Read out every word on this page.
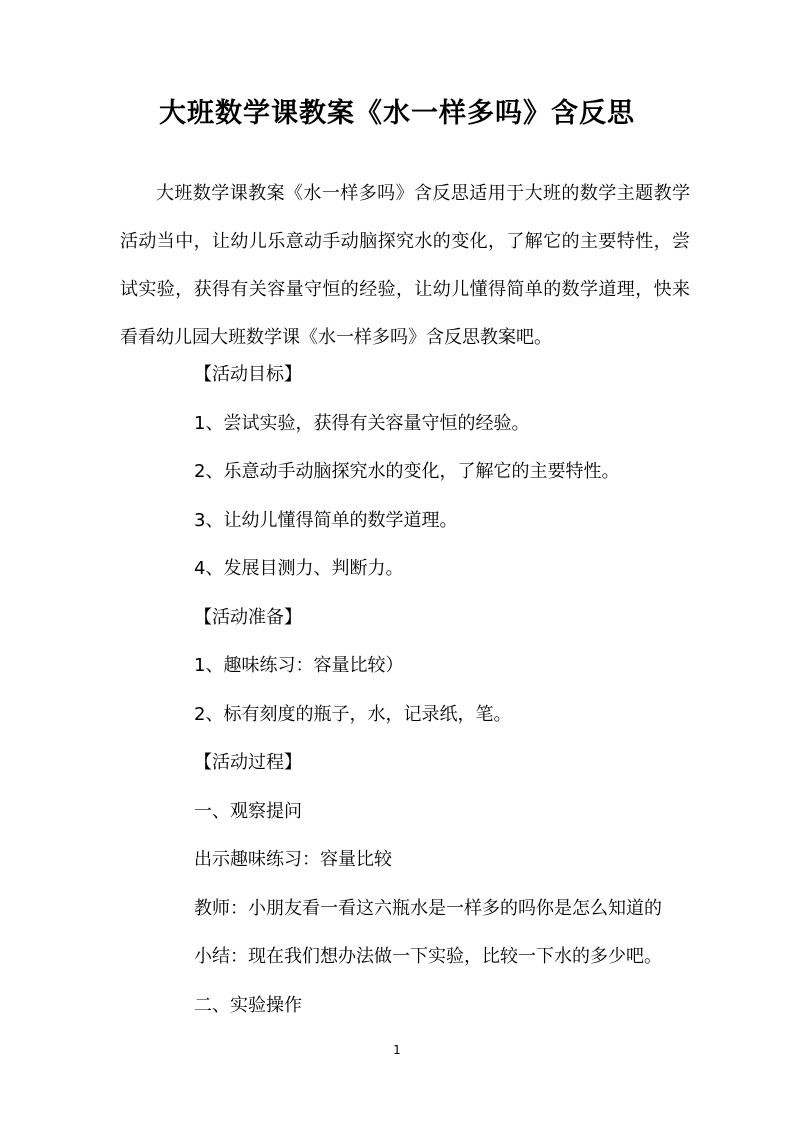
大班数学课教案《水一样多吗》含反思
大班数学课教案《水一样多吗》含反思适用于大班的数学主题教学活动当中，让幼儿乐意动手动脑探究水的变化，了解它的主要特性，尝试实验，获得有关容量守恒的经验，让幼儿懂得简单的数学道理，快来看看幼儿园大班数学课《水一样多吗》含反思教案吧。
【活动目标】
1、尝试实验，获得有关容量守恒的经验。
2、乐意动手动脑探究水的变化，了解它的主要特性。
3、让幼儿懂得简单的数学道理。
4、发展目测力、判断力。
【活动准备】
1、趣味练习：容量比较）
2、标有刻度的瓶子，水，记录纸，笔。
【活动过程】
一、观察提问
出示趣味练习：容量比较
教师：小朋友看一看这六瓶水是一样多的吗你是怎么知道的
小结：现在我们想办法做一下实验，比较一下水的多少吧。
二、实验操作
1
